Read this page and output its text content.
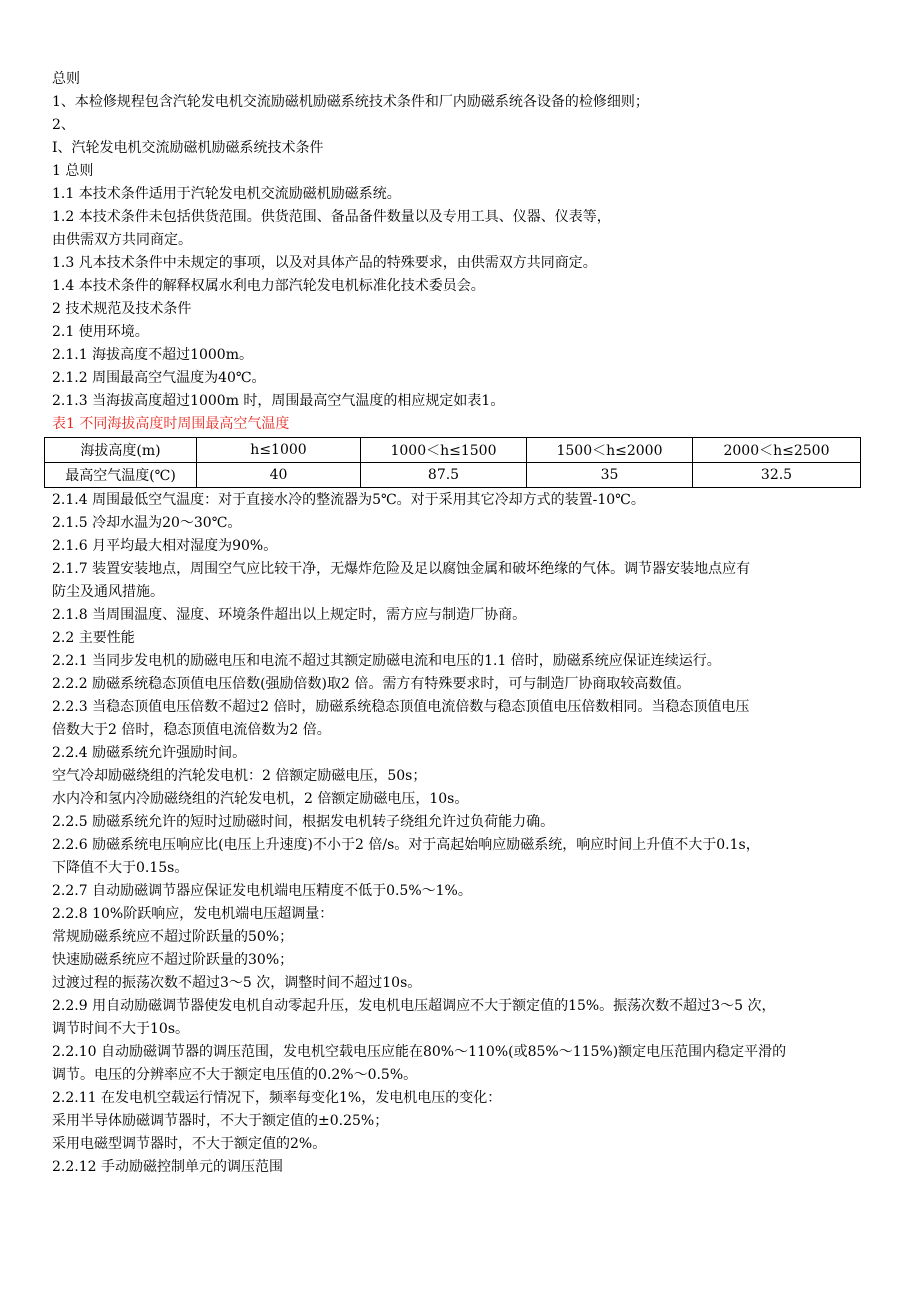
总则
1、本检修规程包含汽轮发电机交流励磁机励磁系统技术条件和厂内励磁系统各设备的检修细则；
2、
Ⅰ、汽轮发电机交流励磁机励磁系统技术条件
1 总则
1.1 本技术条件适用于汽轮发电机交流励磁机励磁系统。
1.2 本技术条件未包括供货范围。供货范围、备品备件数量以及专用工具、仪器、仪表等，
由供需双方共同商定。
1.3 凡本技术条件中未规定的事项，以及对具体产品的特殊要求，由供需双方共同商定。
1.4 本技术条件的解释权属水利电力部汽轮发电机标准化技术委员会。
2 技术规范及技术条件
2.1 使用环境。
2.1.1 海拔高度不超过1000m。
2.1.2 周围最高空气温度为40℃。
2.1.3 当海拔高度超过1000m 时，周围最高空气温度的相应规定如表1。
表1 不同海拔高度时周围最高空气温度
海拔高度(m)	h≤1000	1000＜h≤1500	1500＜h≤2000	2000＜h≤2500
最高空气温度(℃)	40	87.5	35	32.5
2.1.4 周围最低空气温度：对于直接水冷的整流器为5℃。对于采用其它冷却方式的装置-10℃。
2.1.5 冷却水温为20～30℃。
2.1.6 月平均最大相对湿度为90%。
2.1.7 装置安装地点，周围空气应比较干净，无爆炸危险及足以腐蚀金属和破坏绝缘的气体。调节器安装地点应有
防尘及通风措施。
2.1.8 当周围温度、湿度、环境条件超出以上规定时，需方应与制造厂协商。
2.2 主要性能
2.2.1 当同步发电机的励磁电压和电流不超过其额定励磁电流和电压的1.1 倍时，励磁系统应保证连续运行。
2.2.2 励磁系统稳态顶值电压倍数(强励倍数)取2 倍。需方有特殊要求时，可与制造厂协商取较高数值。
2.2.3 当稳态顶值电压倍数不超过2 倍时，励磁系统稳态顶值电流倍数与稳态顶值电压倍数相同。当稳态顶值电压
倍数大于2 倍时，稳态顶值电流倍数为2 倍。
2.2.4 励磁系统允许强励时间。
空气冷却励磁绕组的汽轮发电机：2 倍额定励磁电压，50s；
水内冷和氢内冷励磁绕组的汽轮发电机，2 倍额定励磁电压，10s。
2.2.5 励磁系统允许的短时过励磁时间，根据发电机转子绕组允许过负荷能力确。
2.2.6 励磁系统电压响应比(电压上升速度)不小于2 倍/s。对于高起始响应励磁系统，响应时间上升值不大于0.1s，
下降值不大于0.15s。
2.2.7 自动励磁调节器应保证发电机端电压精度不低于0.5%～1%。
2.2.8 10%阶跃响应，发电机端电压超调量：
常规励磁系统应不超过阶跃量的50%；
快速励磁系统应不超过阶跃量的30%；
过渡过程的振荡次数不超过3～5 次，调整时间不超过10s。
2.2.9 用自动励磁调节器使发电机自动零起升压，发电机电压超调应不大于额定值的15%。振荡次数不超过3～5 次，
调节时间不大于10s。
2.2.10 自动励磁调节器的调压范围，发电机空载电压应能在80%～110%(或85%～115%)额定电压范围内稳定平滑的
调节。电压的分辨率应不大于额定电压值的0.2%～0.5%。
2.2.11 在发电机空载运行情况下，频率每变化1%，发电机电压的变化：
采用半导体励磁调节器时，不大于额定值的±0.25%；
采用电磁型调节器时，不大于额定值的2%。
2.2.12 手动励磁控制单元的调压范围
